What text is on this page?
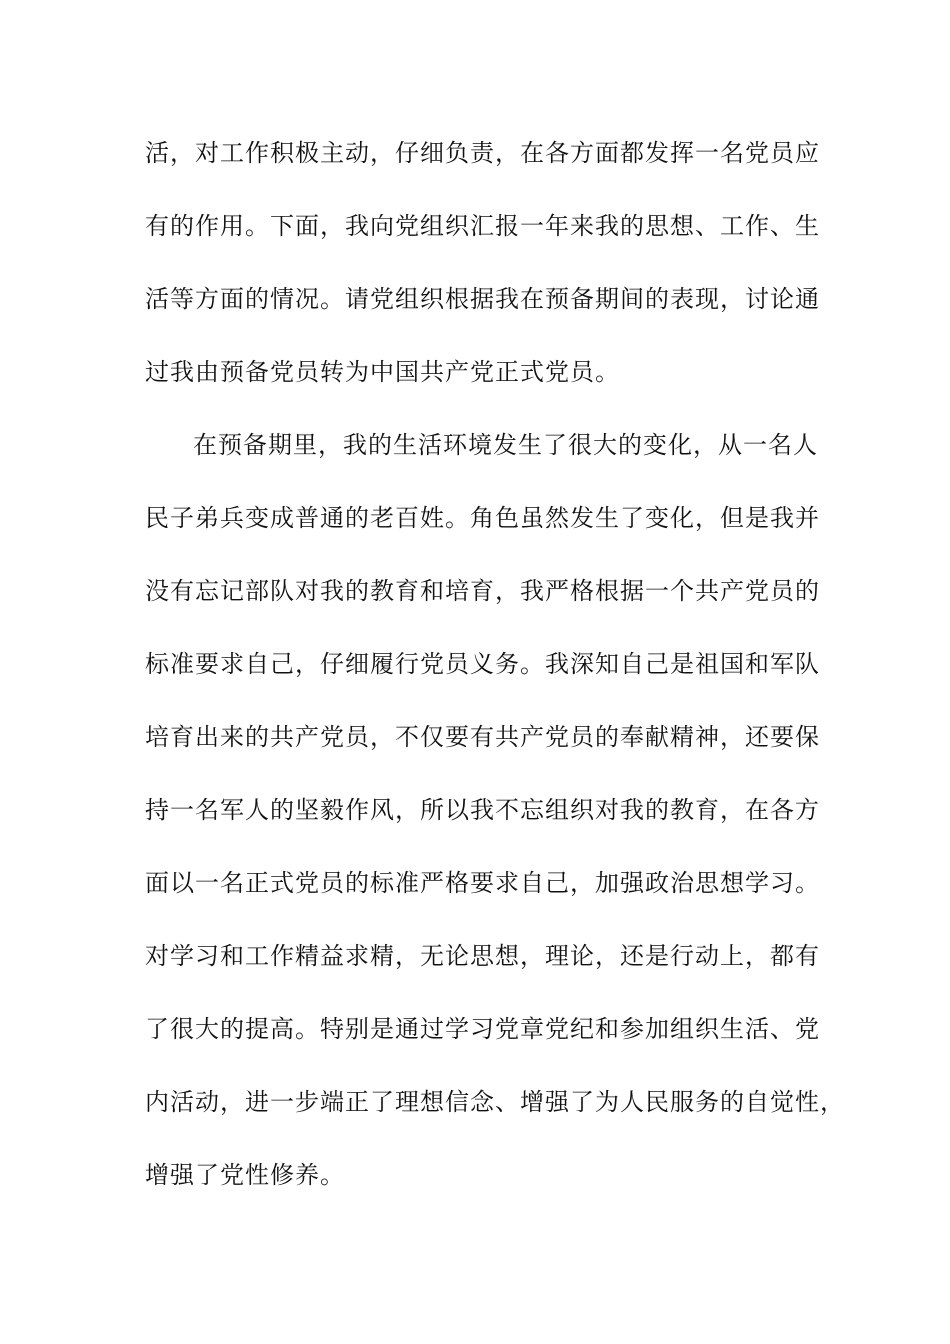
活，对工作积极主动，仔细负责，在各方面都发挥一名党员应
有的作用。下面，我向党组织汇报一年来我的思想、工作、生
活等方面的情况。请党组织根据我在预备期间的表现，讨论通
过我由预备党员转为中国共产党正式党员。
在预备期里，我的生活环境发生了很大的变化，从一名人
民子弟兵变成普通的老百姓。角色虽然发生了变化，但是我并
没有忘记部队对我的教育和培育，我严格根据一个共产党员的
标准要求自己，仔细履行党员义务。我深知自己是祖国和军队
培育出来的共产党员，不仅要有共产党员的奉献精神，还要保
持一名军人的坚毅作风，所以我不忘组织对我的教育，在各方
面以一名正式党员的标准严格要求自己，加强政治思想学习。
对学习和工作精益求精，无论思想，理论，还是行动上，都有
了很大的提高。特别是通过学习党章党纪和参加组织生活、党
内活动，进一步端正了理想信念、增强了为人民服务的自觉性，
增强了党性修养。
